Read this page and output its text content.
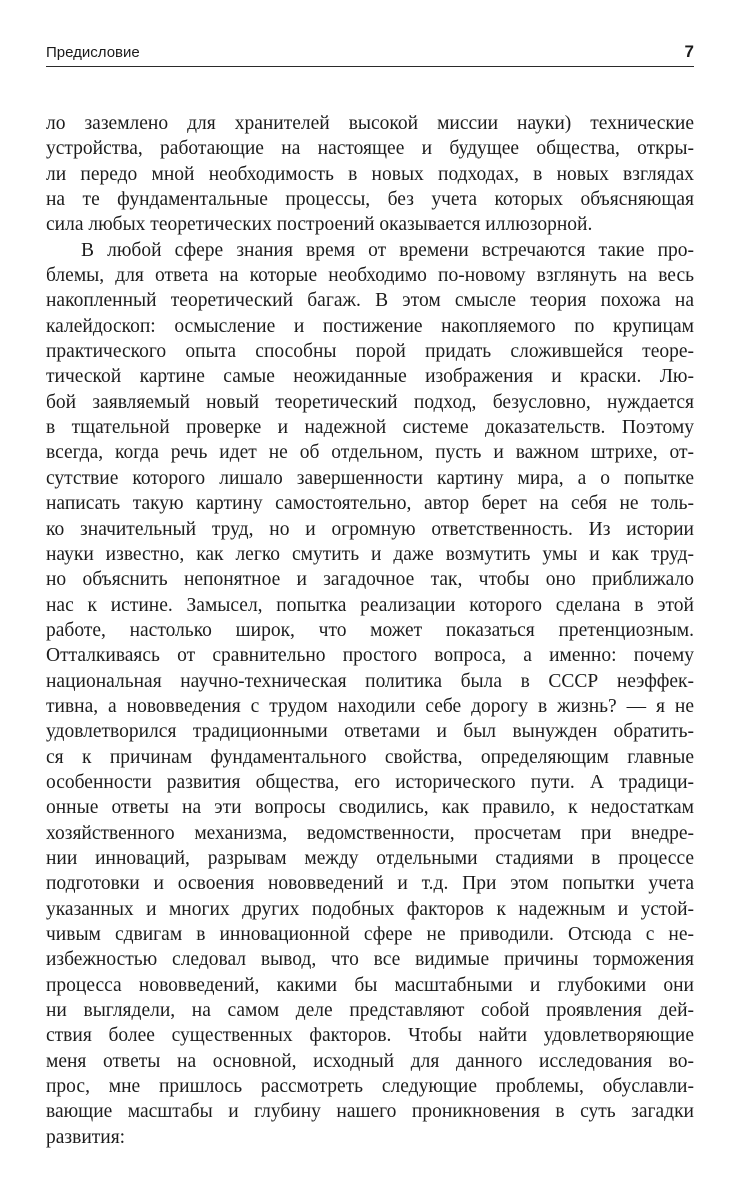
Предисловие	7
ло заземлено для хранителей высокой миссии науки) технические
устройства, работающие на настоящее и будущее общества, откры-
ли передо мной необходимость в новых подходах, в новых взглядах
на те фундаментальные процессы, без учета которых объясняющая
сила любых теоретических построений оказывается иллюзорной.
В любой сфере знания время от времени встречаются такие про-
блемы, для ответа на которые необходимо по-новому взглянуть на весь
накопленный теоретический багаж. В этом смысле теория похожа на
калейдоскоп: осмысление и постижение накопляемого по крупицам
практического опыта способны порой придать сложившейся теоре-
тической картине самые неожиданные изображения и краски. Лю-
бой заявляемый новый теоретический подход, безусловно, нуждается
в тщательной проверке и надежной системе доказательств. Поэтому
всегда, когда речь идет не об отдельном, пусть и важном штрихе, от-
сутствие которого лишало завершенности картину мира, а о попытке
написать такую картину самостоятельно, автор берет на себя не толь-
ко значительный труд, но и огромную ответственность. Из истории
науки известно, как легко смутить и даже возмутить умы и как труд-
но объяснить непонятное и загадочное так, чтобы оно приближало
нас к истине. Замысел, попытка реализации которого сделана в этой
работе, настолько широк, что может показаться претенциозным.
Отталкиваясь от сравнительно простого вопроса, а именно: почему
национальная научно-техническая политика была в СССР неэффек-
тивна, а нововведения с трудом находили себе дорогу в жизнь? — я не
удовлетворился традиционными ответами и был вынужден обратить-
ся к причинам фундаментального свойства, определяющим главные
особенности развития общества, его исторического пути. А традици-
онные ответы на эти вопросы сводились, как правило, к недостаткам
хозяйственного механизма, ведомственности, просчетам при внедре-
нии инноваций, разрывам между отдельными стадиями в процессе
подготовки и освоения нововведений и т.д. При этом попытки учета
указанных и многих других подобных факторов к надежным и устой-
чивым сдвигам в инновационной сфере не приводили. Отсюда с не-
избежностью следовал вывод, что все видимые причины торможения
процесса нововведений, какими бы масштабными и глубокими они
ни выглядели, на самом деле представляют собой проявления дей-
ствия более существенных факторов. Чтобы найти удовлетворяющие
меня ответы на основной, исходный для данного исследования во-
прос, мне пришлось рассмотреть следующие проблемы, обуславли-
вающие масштабы и глубину нашего проникновения в суть загадки
развития:
